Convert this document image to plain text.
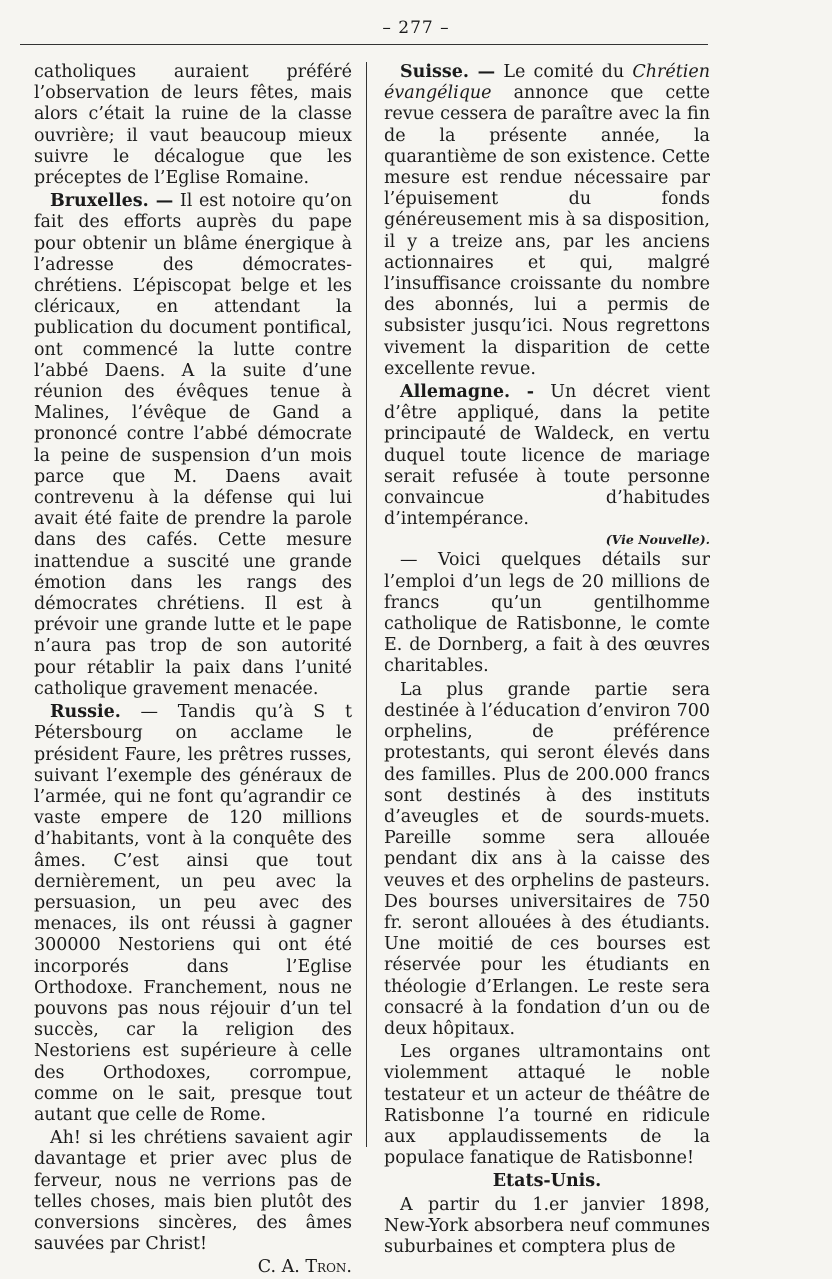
– 277 –

catholiques auraient préféré l’observation de leurs fêtes, mais alors c’était la ruine de la classe ouvrière; il vaut beaucoup mieux suivre le décalogue que les préceptes de l’Eglise Romaine.

Bruxelles. — Il est notoire qu’on fait des efforts auprès du pape pour obtenir un blâme énergique à l’adresse des démocrates-chrétiens. L’épiscopat belge et les cléricaux, en attendant la publication du document pontifical, ont commencé la lutte contre l’abbé Daens. A la suite d’une réunion des évêques tenue à Malines, l’évêque de Gand a prononcé contre l’abbé démocrate la peine de suspension d’un mois parce que M. Daens avait contrevenu à la défense qui lui avait été faite de prendre la parole dans des cafés. Cette mesure inattendue a suscité une grande émotion dans les rangs des démocrates chrétiens. Il est à prévoir une grande lutte et le pape n’aura pas trop de son autorité pour rétablir la paix dans l’unité catholique gravement menacée.

Russie. — Tandis qu’à S t Pétersbourg on acclame le président Faure, les prêtres russes, suivant l’exemple des généraux de l’armée, qui ne font qu’agrandir ce vaste empere de 120 millions d’habitants, vont à la conquête des âmes. C’est ainsi que tout dernièrement, un peu avec la persuasion, un peu avec des menaces, ils ont réussi à gagner 300000 Nestoriens qui ont été incorporés dans l’Eglise Orthodoxe. Franchement, nous ne pouvons pas nous réjouir d’un tel succès, car la religion des Nestoriens est supérieure à celle des Orthodoxes, corrompue, comme on le sait, presque tout autant que celle de Rome.

Ah! si les chrétiens savaient agir davantage et prier avec plus de ferveur, nous ne verrions pas de telles choses, mais bien plutôt des conversions sincères, des âmes sauvées par Christ!

C. A. Tron.

Suisse. — Le comité du Chrétien évangélique annonce que cette revue cessera de paraître avec la fin de la présente année, la quarantième de son existence. Cette mesure est rendue nécessaire par l’épuisement du fonds généreusement mis à sa disposition, il y a treize ans, par les anciens actionnaires et qui, malgré l’insuffisance croissante du nombre des abonnés, lui a permis de subsister jusqu’ici. Nous regrettons vivement la disparition de cette excellente revue.

Allemagne. - Un décret vient d’être appliqué, dans la petite principauté de Waldeck, en vertu duquel toute licence de mariage serait refusée à toute personne convaincue d’habitudes d’intempérance.

(Vie Nouvelle).

— Voici quelques détails sur l’emploi d’un legs de 20 millions de francs qu’un gentilhomme catholique de Ratisbonne, le comte E. de Dornberg, a fait à des œuvres charitables.

La plus grande partie sera destinée à l’éducation d’environ 700 orphelins, de préférence protestants, qui seront élevés dans des familles. Plus de 200.000 francs sont destinés à des instituts d’aveugles et de sourds-muets. Pareille somme sera allouée pendant dix ans à la caisse des veuves et des orphelins de pasteurs. Des bourses universitaires de 750 fr. seront allouées à des étudiants. Une moitié de ces bourses est réservée pour les étudiants en théologie d’Erlangen. Le reste sera consacré à la fondation d’un ou de deux hôpitaux.

Les organes ultramontains ont violemment attaqué le noble testateur et un acteur de théâtre de Ratisbonne l’a tourné en ridicule aux applaudissements de la populace fanatique de Ratisbonne!

Etats-Unis.

A partir du 1.er janvier 1898, New-York absorbera neuf communes suburbaines et comptera plus de
